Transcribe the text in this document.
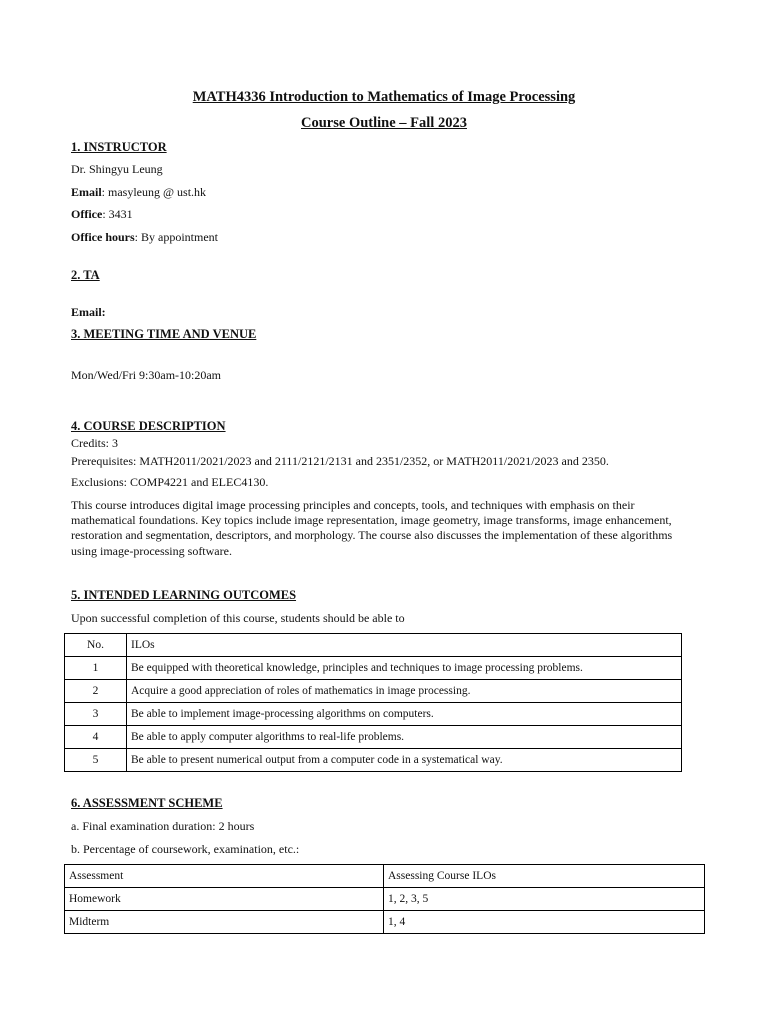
MATH4336 Introduction to Mathematics of Image Processing

Course Outline – Fall 2023

1. INSTRUCTOR

Dr. Shingyu Leung

Email: masyleung @ ust.hk

Office: 3431

Office hours: By appointment

2. TA

Email:

3. MEETING TIME AND VENUE

Mon/Wed/Fri 9:30am-10:20am

4. COURSE DESCRIPTION

Credits: 3

Prerequisites: MATH2011/2021/2023 and 2111/2121/2131 and 2351/2352, or MATH2011/2021/2023 and 2350.

Exclusions: COMP4221 and ELEC4130.

This course introduces digital image processing principles and concepts, tools, and techniques with emphasis on their mathematical foundations. Key topics include image representation, image geometry, image transforms, image enhancement, restoration and segmentation, descriptors, and morphology. The course also discusses the implementation of these algorithms using image-processing software.

5. INTENDED LEARNING OUTCOMES

Upon successful completion of this course, students should be able to

No.	ILOs
1	Be equipped with theoretical knowledge, principles and techniques to image processing problems.
2	Acquire a good appreciation of roles of mathematics in image processing.
3	Be able to implement image-processing algorithms on computers.
4	Be able to apply computer algorithms to real-life problems.
5	Be able to present numerical output from a computer code in a systematical way.

6. ASSESSMENT SCHEME

a. Final examination duration: 2 hours

b. Percentage of coursework, examination, etc.:

Assessment	Assessing Course ILOs
Homework	1, 2, 3, 5
Midterm	1, 4
